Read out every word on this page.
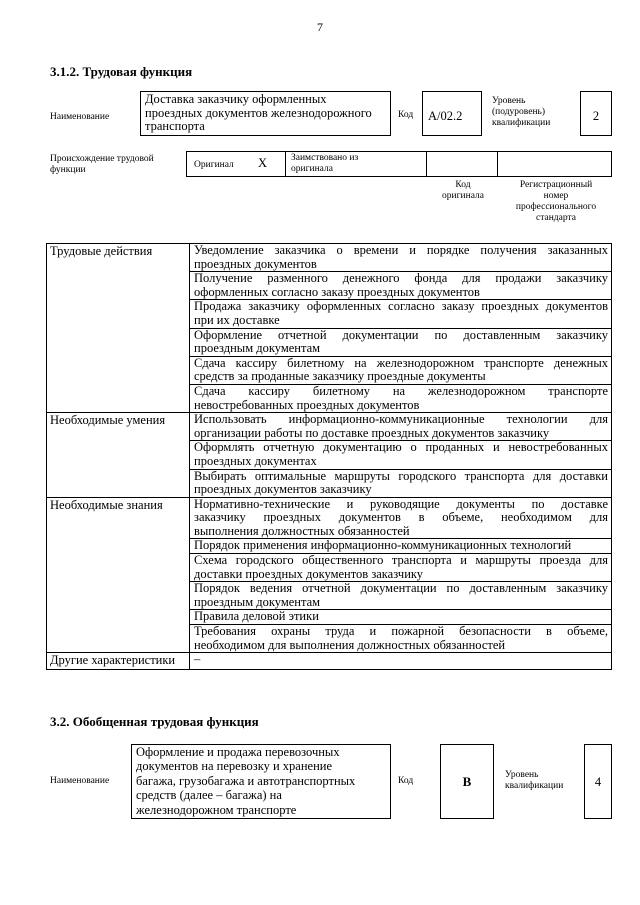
7
3.1.2. Трудовая функция
Наименование
Доставка заказчику оформленных
проездных документов железнодорожного
транспорта
Код	А/02.2
Уровень
(подуровень)
квалификации	2
Происхождение трудовой
функции	Оригинал X	Заимствовано из
оригинала
Код
оригинала
Регистрационный
номер
профессионального
стандарта
Трудовые действия	Уведомление заказчика о времени и порядке получения заказанных
проездных документов

	Получение разменного денежного фонда для продажи заказчику
оформленных согласно заказу проездных документов

	Продажа заказчику оформленных согласно заказу проездных документов
при их доставке

	Оформление отчетной документации по доставленным заказчику
проездным документам

	Сдача кассиру билетному на железнодорожном транспорте денежных
средств за проданные заказчику проездные документы

	Сдача кассиру билетному на железнодорожном транспорте
невостребованных проездных документов
Необходимые умения	Использовать информационно-коммуникационные технологии для
организации работы по доставке проездных документов заказчику

	Оформлять отчетную документацию о проданных и невостребованных
проездных документах

	Выбирать оптимальные маршруты городского транспорта для доставки
проездных документов заказчику
Необходимые знания	Нормативно-технические и руководящие документы по доставке
заказчику проездных документов в объеме, необходимом для
выполнения должностных обязанностей
	Порядок применения информационно-коммуникационных технологий

	Схема городского общественного транспорта и маршруты проезда для
доставки проездных документов заказчику

	Порядок ведения отчетной документации по доставленным заказчику
проездным документам
	Правила деловой этики

	Требования охраны труда и пожарной безопасности в объеме,
необходимом для выполнения должностных обязанностей
Другие характеристики	–
3.2. Обобщенная трудовая функция
Наименование
Оформление и продажа перевозочных
документов на перевозку и хранение
багажа, грузобагажа и автотранспортных
средств (далее – багажа) на
железнодорожном транспорте
Код	В	Уровень
квалификации	4
